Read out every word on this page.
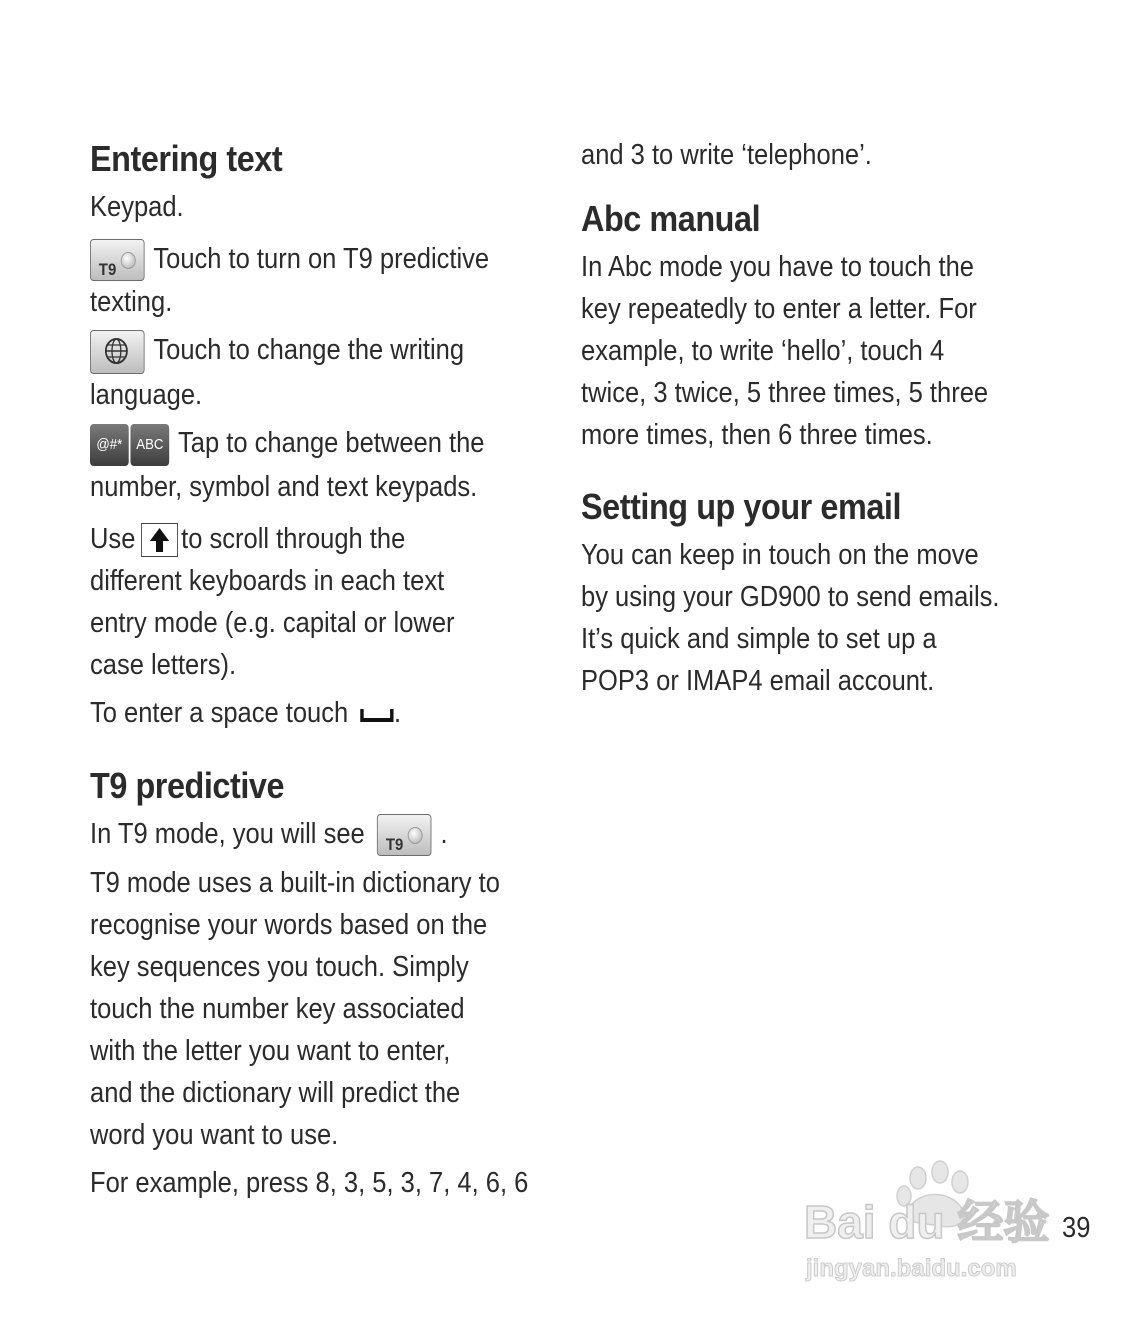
Entering text

Keypad.

T9 Touch to turn on T9 predictive

texting.

Touch to change the writing

language.

@#* ABC Tap to change between the

number, symbol and text keypads.

Use to scroll through the

different keyboards in each text

entry mode (e.g. capital or lower

case letters).

To enter a space touch .

T9 predictive

In T9 mode, you will see T9 .

T9 mode uses a built-in dictionary to

recognise your words based on the

key sequences you touch. Simply

touch the number key associated

with the letter you want to enter,

and the dictionary will predict the

word you want to use.

For example, press 8, 3, 5, 3, 7, 4, 6, 6

and 3 to write ‘telephone’.

Abc manual

In Abc mode you have to touch the

key repeatedly to enter a letter. For

example, to write ‘hello’, touch 4

twice, 3 twice, 5 three times, 5 three

more times, then 6 three times.

Setting up your email

You can keep in touch on the move

by using your GD900 to send emails.

It’s quick and simple to set up a

POP3 or IMAP4 email account.

Bai du 经验
jingyan.baidu.com
39
